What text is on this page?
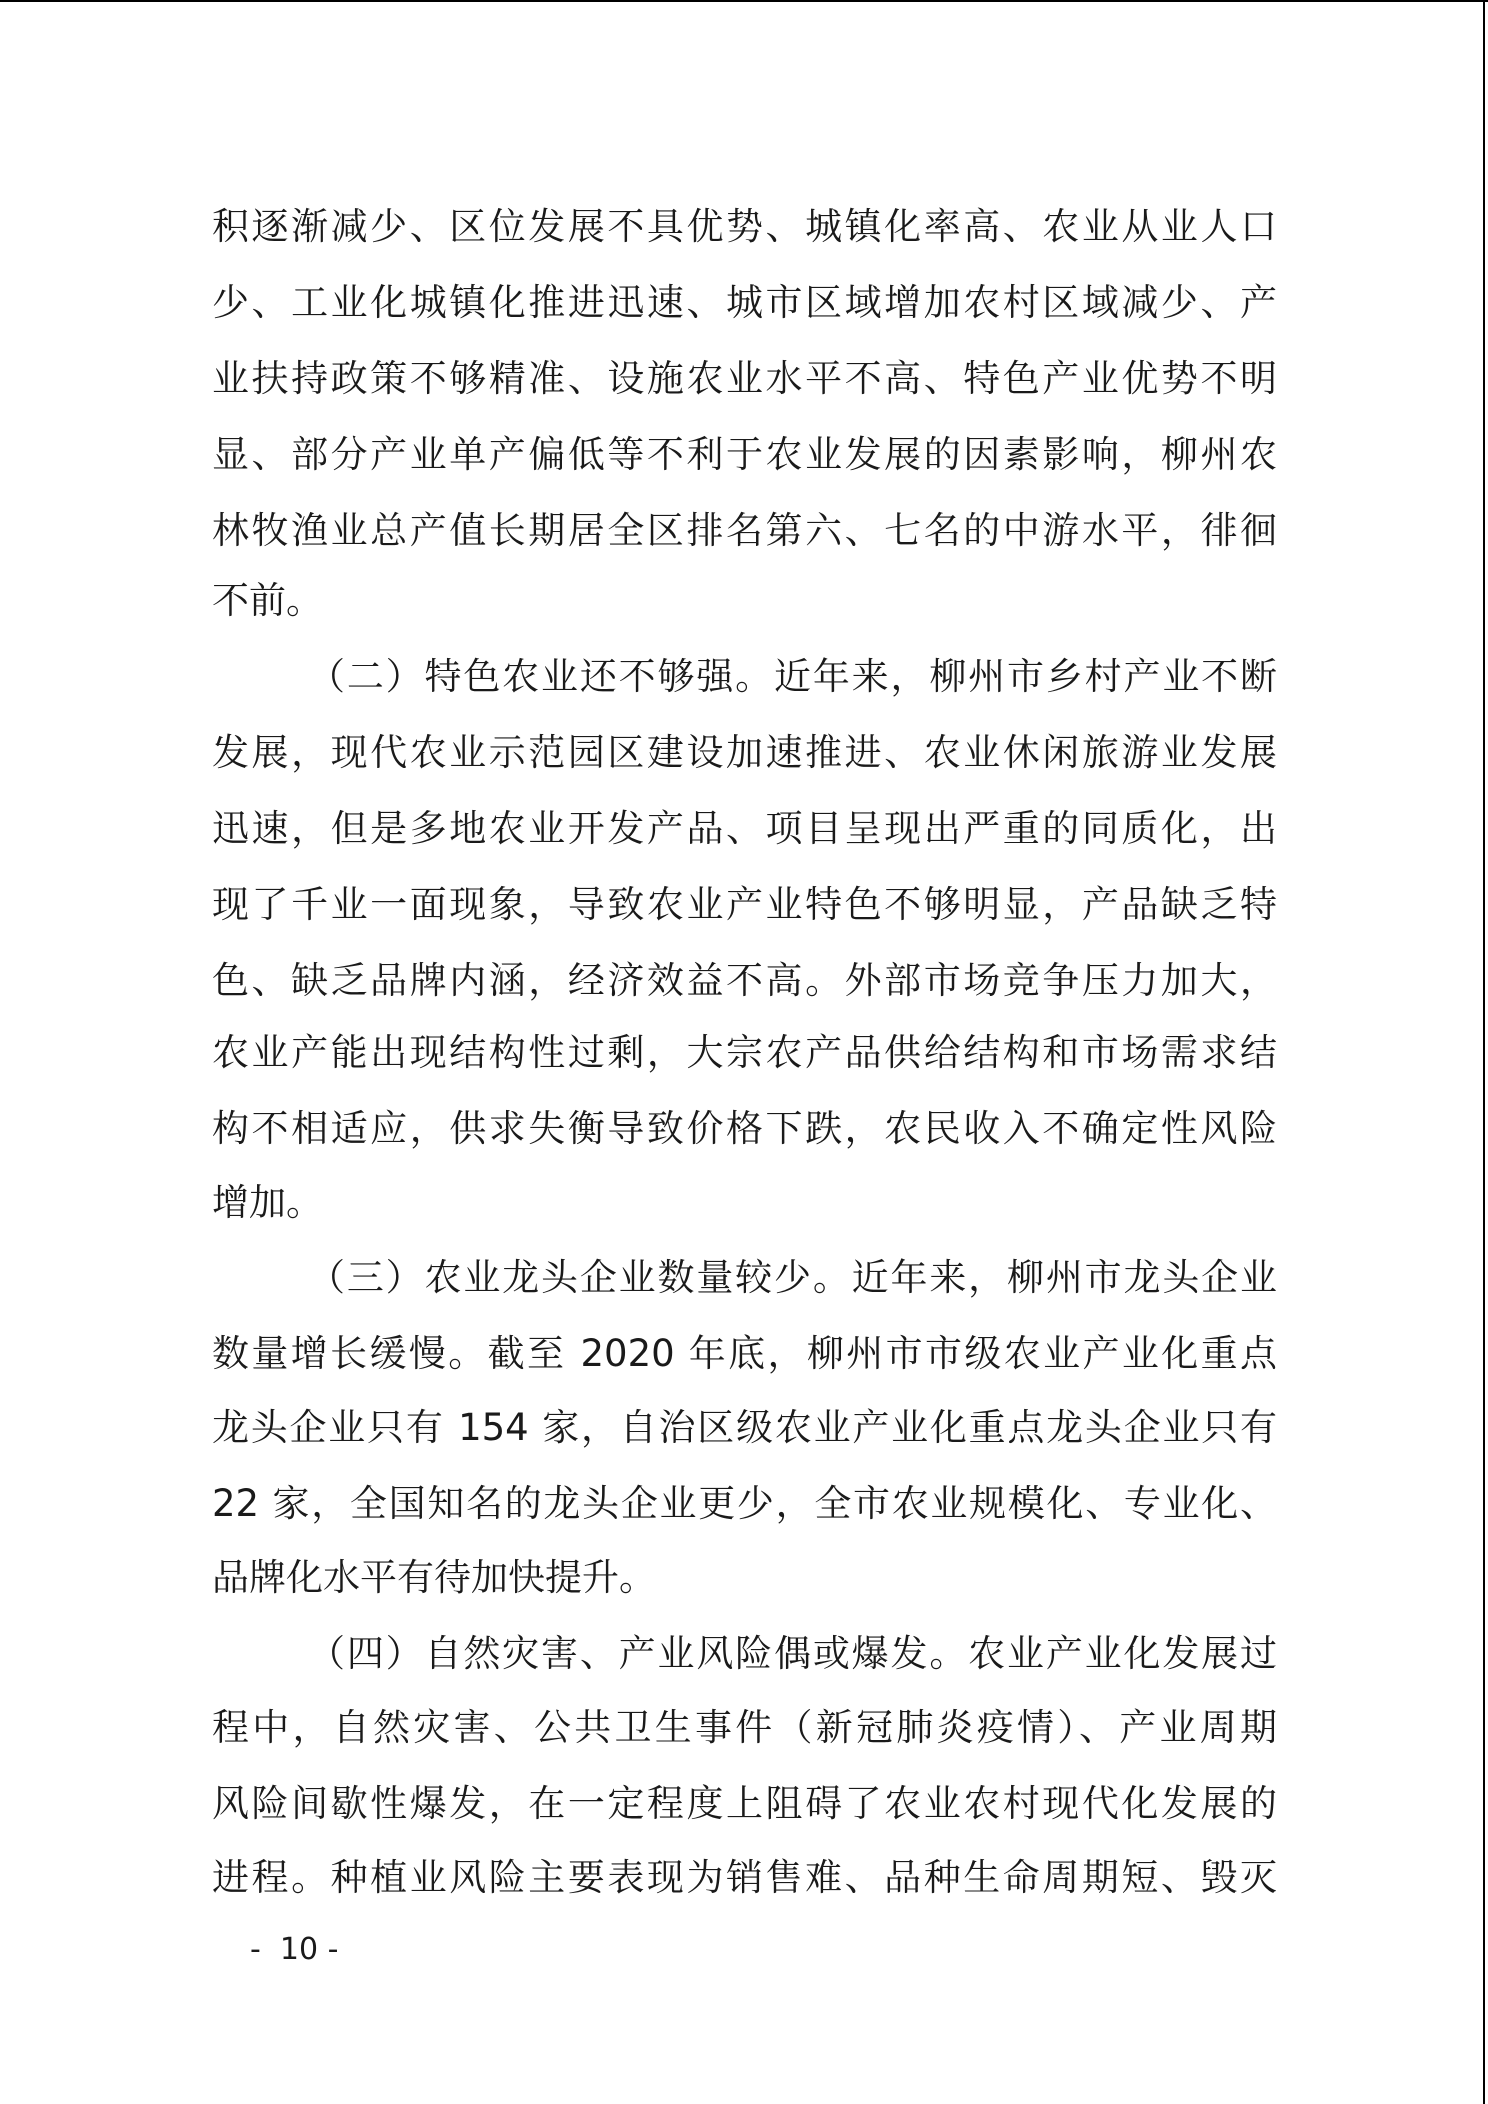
积逐渐减少、区位发展不具优势、城镇化率高、农业从业人口
少、工业化城镇化推进迅速、城市区域增加农村区域减少、产
业扶持政策不够精准、设施农业水平不高、特色产业优势不明
显、部分产业单产偏低等不利于农业发展的因素影响，柳州农
林牧渔业总产值长期居全区排名第六、七名的中游水平，徘徊
不前。
（二）特色农业还不够强。近年来，柳州市乡村产业不断
发展，现代农业示范园区建设加速推进、农业休闲旅游业发展
迅速，但是多地农业开发产品、项目呈现出严重的同质化，出
现了千业一面现象，导致农业产业特色不够明显，产品缺乏特
色、缺乏品牌内涵，经济效益不高。外部市场竞争压力加大，
农业产能出现结构性过剩，大宗农产品供给结构和市场需求结
构不相适应，供求失衡导致价格下跌，农民收入不确定性风险
增加。
（三）农业龙头企业数量较少。近年来，柳州市龙头企业
数量增长缓慢。截至 2020 年底，柳州市市级农业产业化重点
龙头企业只有 154 家，自治区级农业产业化重点龙头企业只有
22 家，全国知名的龙头企业更少，全市农业规模化、专业化、
品牌化水平有待加快提升。
（四）自然灾害、产业风险偶或爆发。农业产业化发展过
程中，自然灾害、公共卫生事件（新冠肺炎疫情）、产业周期
风险间歇性爆发，在一定程度上阻碍了农业农村现代化发展的
进程。种植业风险主要表现为销售难、品种生命周期短、毁灭
-  10 -
